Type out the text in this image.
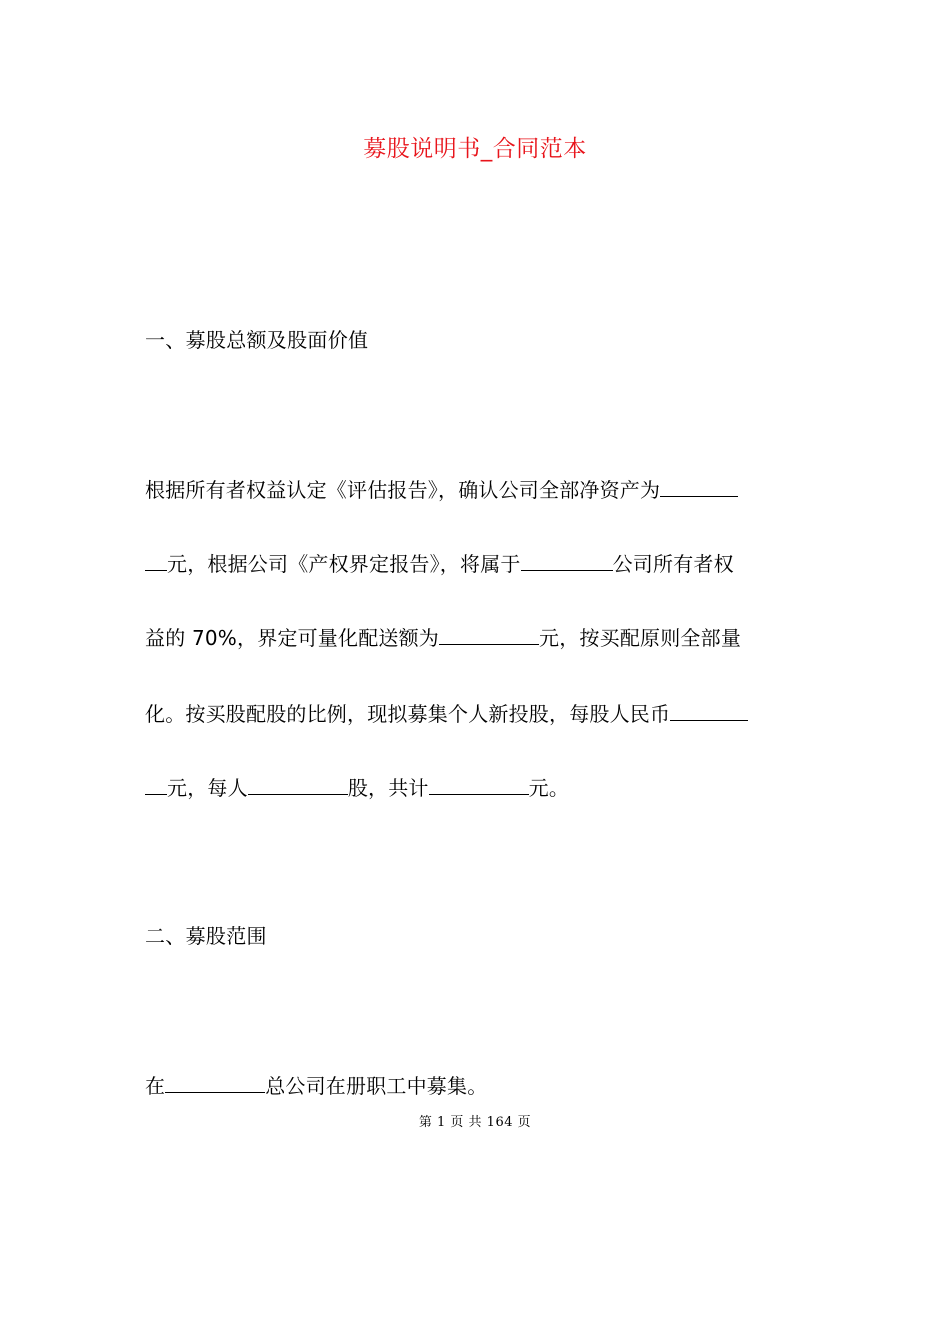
募股说明书_合同范本
一、募股总额及股面价值
根据所有者权益认定《评估报告》，确认公司全部净资产为
元，根据公司《产权界定报告》，将属于	公司所有者权
益的 70%，界定可量化配送额为	元，按买配原则全部量
化。按买股配股的比例，现拟募集个人新投股，每股人民币
元，每人	股，共计	元。
二、募股范围
在	总公司在册职工中募集。
第 1 页 共 164 页
